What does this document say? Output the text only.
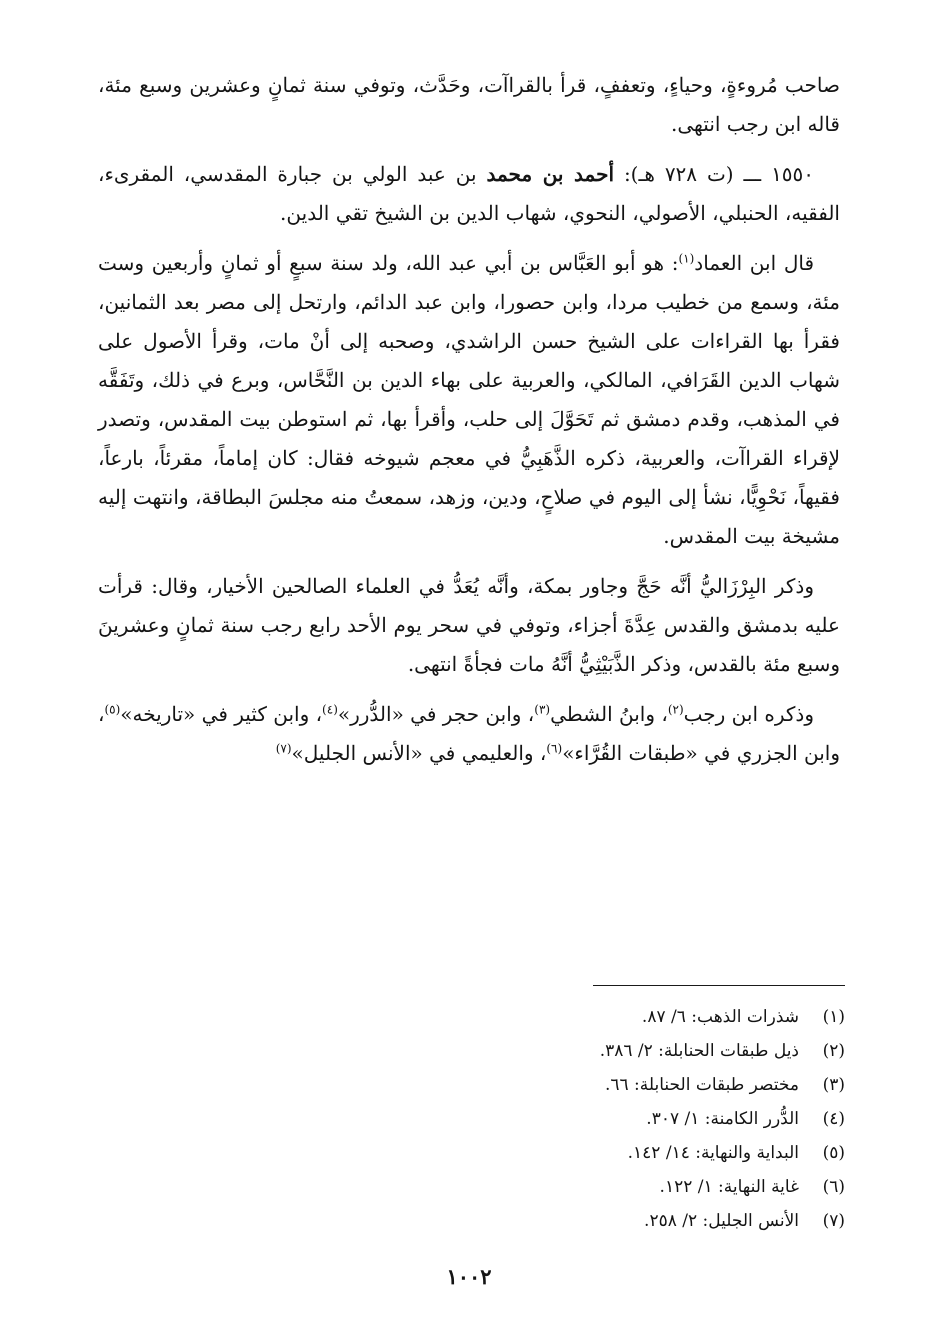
صاحب مُروءةٍ، وحياءٍ، وتعففٍ، قرأ بالقراآت، وحَدَّث، وتوفي سنة ثمانٍ وعشرين وسبع مئة، قاله ابن رجب انتهى.

١٥٥٠ ـــ (ت ٧٢٨ هـ): أحمد بن محمد بن عبد الولي بن جبارة المقدسي، المقرىء، الفقيه، الحنبلي، الأصولي، النحوي، شهاب الدين بن الشيخ تقي الدين.

قال ابن العماد$^{(١)}$: هو أبو العَبَّاس بن أبي عبد الله، ولد سنة سبعٍ أو ثمانٍ وأربعين وست مئة، وسمع من خطيب مردا، وابن حصورا، وابن عبد الدائم، وارتحل إلى مصر بعد الثمانين، فقرأ بها القراءات على الشيخ حسن الراشدي، وصحبه إلى أنْ مات، وقرأ الأصول على شهاب الدين القَرَافي، المالكي، والعربية على بهاء الدين بن النَّحَّاس، وبرع في ذلك، وتَفَقَّه في المذهب، وقدم دمشق ثم تَحَوَّلَ إلى حلب، وأقرأ بها، ثم استوطن بيت المقدس، وتصدر لإقراء القراآت، والعربية، ذكره الذَّهَبِيُّ في معجم شيوخه فقال: كان إماماً، مقرئاً، بارعاً، فقيهاً، نَحْوِيًّا، نشأ إلى اليوم في صلاحٍ، ودين، وزهد، سمعتُ منه مجلسَ البطاقة، وانتهت إليه مشيخة بيت المقدس.

وذكر البِرْزَاليُّ أنَّه حَجَّ وجاور بمكة، وأنَّه يُعَدُّ في العلماء الصالحين الأخيار، وقال: قرأت عليه بدمشق والقدس عِدَّةَ أجزاء، وتوفي في سحر يوم الأحد رابع رجب سنة ثمانٍ وعشرينَ وسبع مئة بالقدس، وذكر الذَّبَيْثِيُّ أنَّهُ مات فجأةً انتهى.

وذكره ابن رجب$^{(٢)}$، وابنُ الشطي$^{(٣)}$، وابن حجر في «الدُّرر»$^{(٤)}$، وابن كثير في «تاريخه»$^{(٥)}$، وابن الجزري في «طبقات القُرَّاء»$^{(٦)}$، والعليمي في «الأنس الجليل»$^{(٧)}$

(١)
شذرات الذهب: ٦/ ٨٧.
(٢)
ذيل طبقات الحنابلة: ٢/ ٣٨٦.
(٣)
مختصر طبقات الحنابلة: ٦٦.
(٤)
الدُّرر الكامنة: ١/ ٣٠٧.
(٥)
البداية والنهاية: ١٤/ ١٤٢.
(٦)
غاية النهاية: ١/ ١٢٢.
(٧)
الأنس الجليل: ٢/ ٢٥٨.
١٠٠٢
